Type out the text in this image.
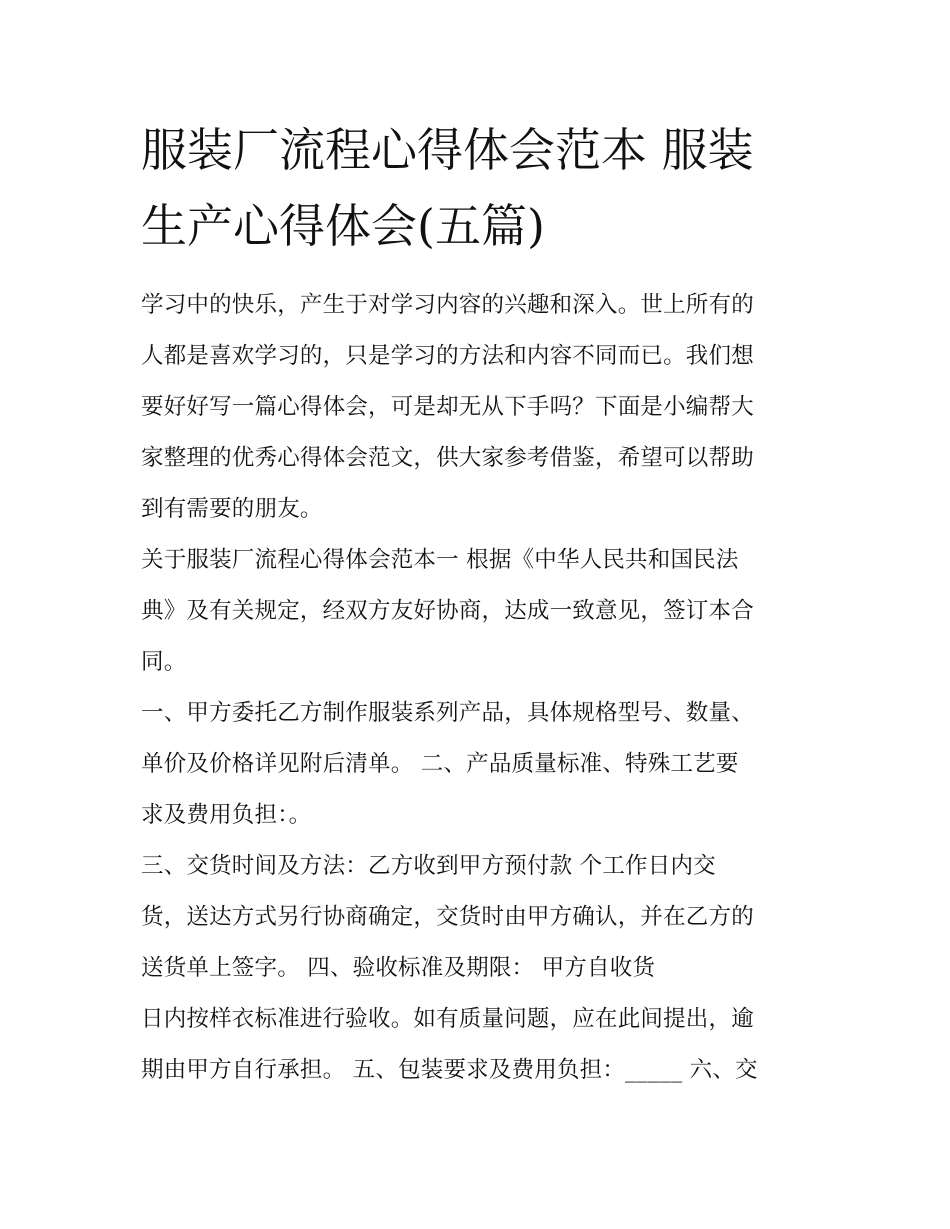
服装厂流程心得体会范本 服装
生产心得体会(五篇)
学习中的快乐，产生于对学习内容的兴趣和深入。世上所有的
人都是喜欢学习的，只是学习的方法和内容不同而已。我们想
要好好写一篇心得体会，可是却无从下手吗？下面是小编帮大
家整理的优秀心得体会范文，供大家参考借鉴，希望可以帮助
到有需要的朋友。
关于服装厂流程心得体会范本一 根据《中华人民共和国民法
典》及有关规定，经双方友好协商，达成一致意见，签订本合
同。
一、甲方委托乙方制作服装系列产品，具体规格型号、数量、
单价及价格详见附后清单。 二、产品质量标准、特殊工艺要
求及费用负担：。
三、交货时间及方法：乙方收到甲方预付款 个工作日内交
货，送达方式另行协商确定，交货时由甲方确认，并在乙方的
送货单上签字。 四、验收标准及期限： 甲方自收货
日内按样衣标准进行验收。如有质量问题，应在此间提出，逾
期由甲方自行承担。 五、包装要求及费用负担：_____ 六、交
